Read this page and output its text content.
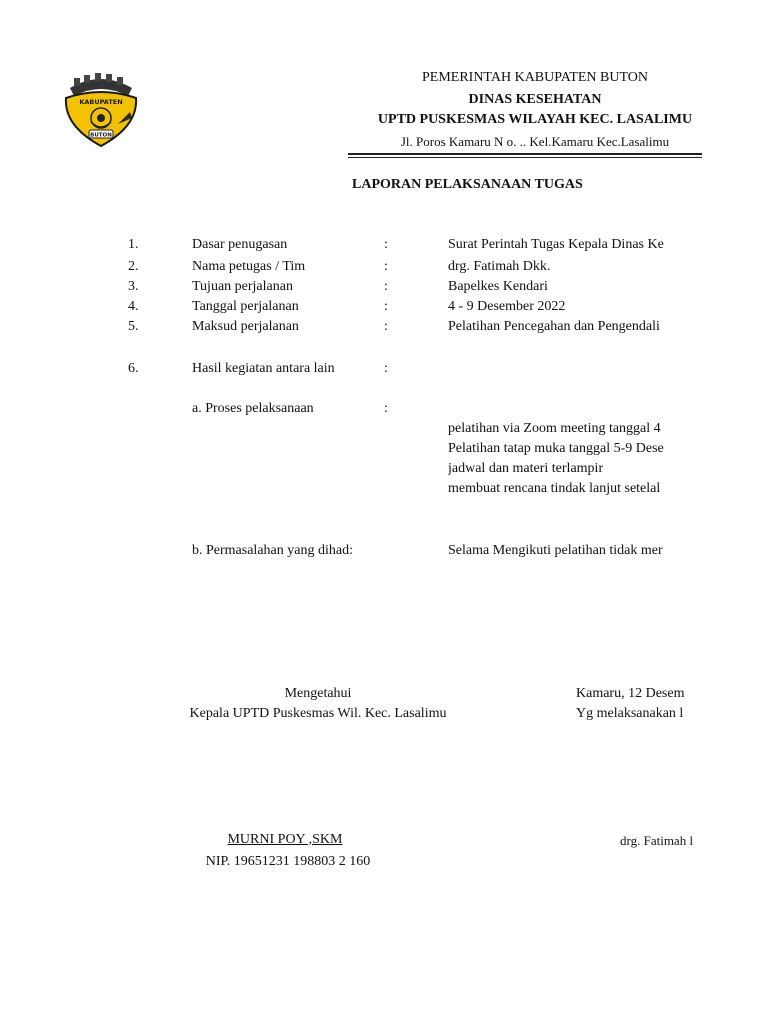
KABUPATEN
BUTON
PEMERINTAH KABUPATEN BUTON
DINAS KESEHATAN
UPTD PUSKESMAS WILAYAH KEC. LASALIMU
Jl. Poros Kamaru N o. .. Kel.Kamaru Kec.Lasalimu
LAPORAN PELAKSANAAN TUGAS
1.	Dasar penugasan	:	Surat Perintah Tugas Kepala Dinas Ke
2.	Nama petugas / Tim	:	drg. Fatimah Dkk.
3.	Tujuan perjalanan	:	Bapelkes Kendari
4.	Tanggal perjalanan	:	4 - 9 Desember 2022
5.	Maksud perjalanan	:	Pelatihan Pencegahan dan Pengendali
6.	Hasil kegiatan antara lain	:
a. Proses pelaksanaan	:
pelatihan via Zoom meeting tanggal 4
Pelatihan tatap muka tanggal 5-9 Dese
jadwal dan materi terlampir
membuat rencana tindak lanjut setelal
b. Permasalahan yang dihad:	Selama Mengikuti pelatihan tidak mer
Mengetahui
Kepala UPTD Puskesmas Wil. Kec. Lasalimu
MURNI POY ,SKM
NIP. 19651231 198803 2 160
Kamaru, 12 Desem
Yg melaksanakan l
drg. Fatimah l
